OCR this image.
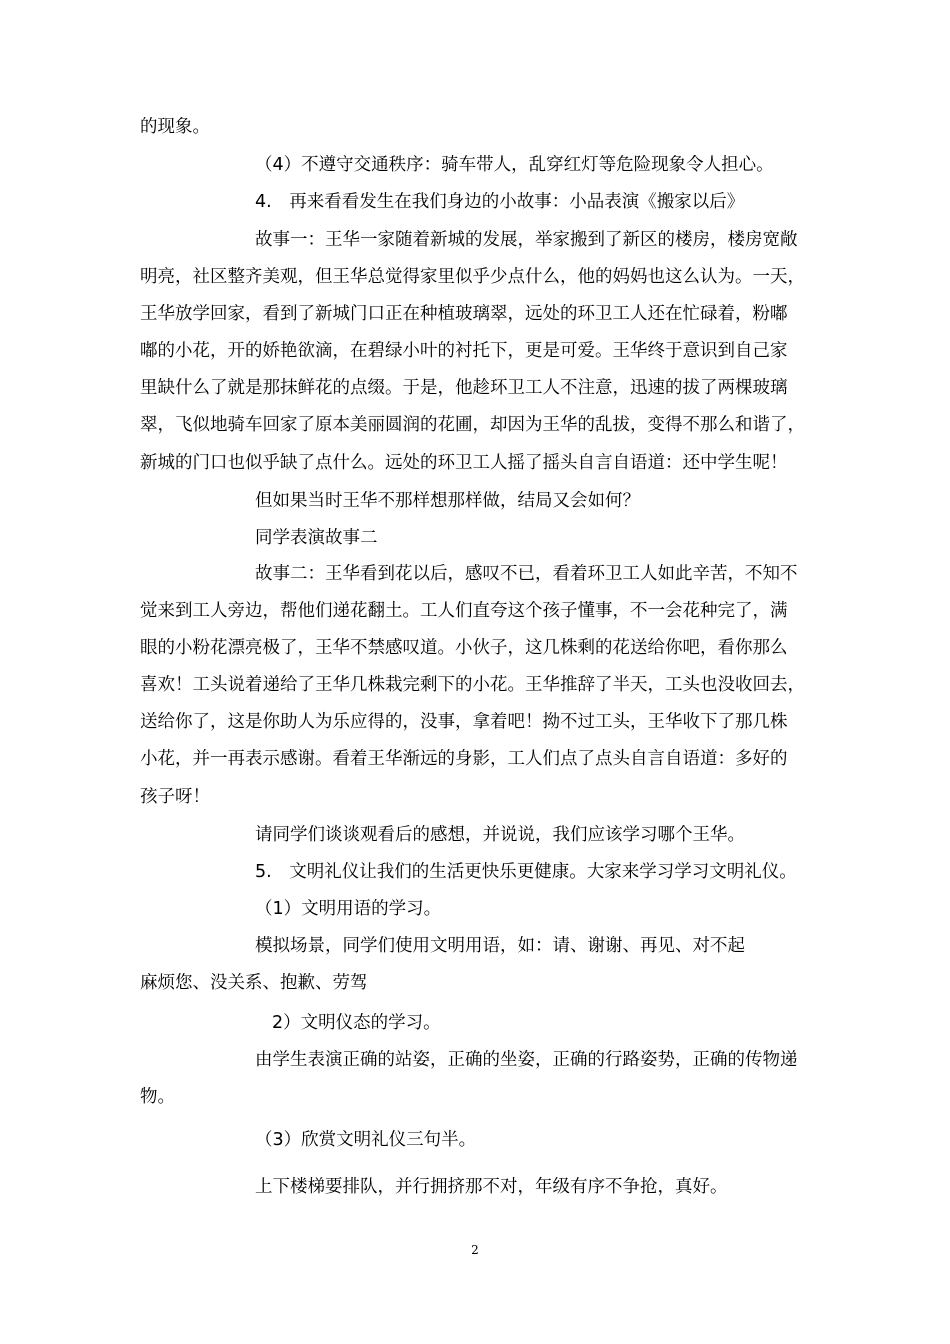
的现象。
（4）不遵守交通秩序：骑车带人，乱穿红灯等危险现象令人担心。
4.　再来看看发生在我们身边的小故事：小品表演《搬家以后》
故事一：王华一家随着新城的发展，举家搬到了新区的楼房，楼房宽敞
明亮，社区整齐美观，但王华总觉得家里似乎少点什么，他的妈妈也这么认为。一天，
王华放学回家，看到了新城门口正在种植玻璃翠，远处的环卫工人还在忙碌着，粉嘟
嘟的小花，开的娇艳欲滴，在碧绿小叶的衬托下，更是可爱。王华终于意识到自己家
里缺什么了就是那抹鲜花的点缀。于是，他趁环卫工人不注意，迅速的拔了两棵玻璃
翠，飞似地骑车回家了原本美丽圆润的花圃，却因为王华的乱拔，变得不那么和谐了，
新城的门口也似乎缺了点什么。远处的环卫工人摇了摇头自言自语道：还中学生呢！
但如果当时王华不那样想那样做，结局又会如何？
同学表演故事二
故事二：王华看到花以后，感叹不已，看着环卫工人如此辛苦，不知不
觉来到工人旁边，帮他们递花翻土。工人们直夸这个孩子懂事，不一会花种完了，满
眼的小粉花漂亮极了，王华不禁感叹道。小伙子，这几株剩的花送给你吧，看你那么
喜欢！工头说着递给了王华几株栽完剩下的小花。王华推辞了半天，工头也没收回去，
送给你了，这是你助人为乐应得的，没事，拿着吧！拗不过工头，王华收下了那几株
小花，并一再表示感谢。看着王华渐远的身影，工人们点了点头自言自语道：多好的
孩子呀！
请同学们谈谈观看后的感想，并说说，我们应该学习哪个王华。
5.　文明礼仪让我们的生活更快乐更健康。大家来学习学习文明礼仪。
（1）文明用语的学习。
模拟场景，同学们使用文明用语，如：请、谢谢、再见、对不起
麻烦您、没关系、抱歉、劳驾
2）文明仪态的学习。
由学生表演正确的站姿，正确的坐姿，正确的行路姿势，正确的传物递
物。
（3）欣赏文明礼仪三句半。
上下楼梯要排队，并行拥挤那不对，年级有序不争抢，真好。
2
